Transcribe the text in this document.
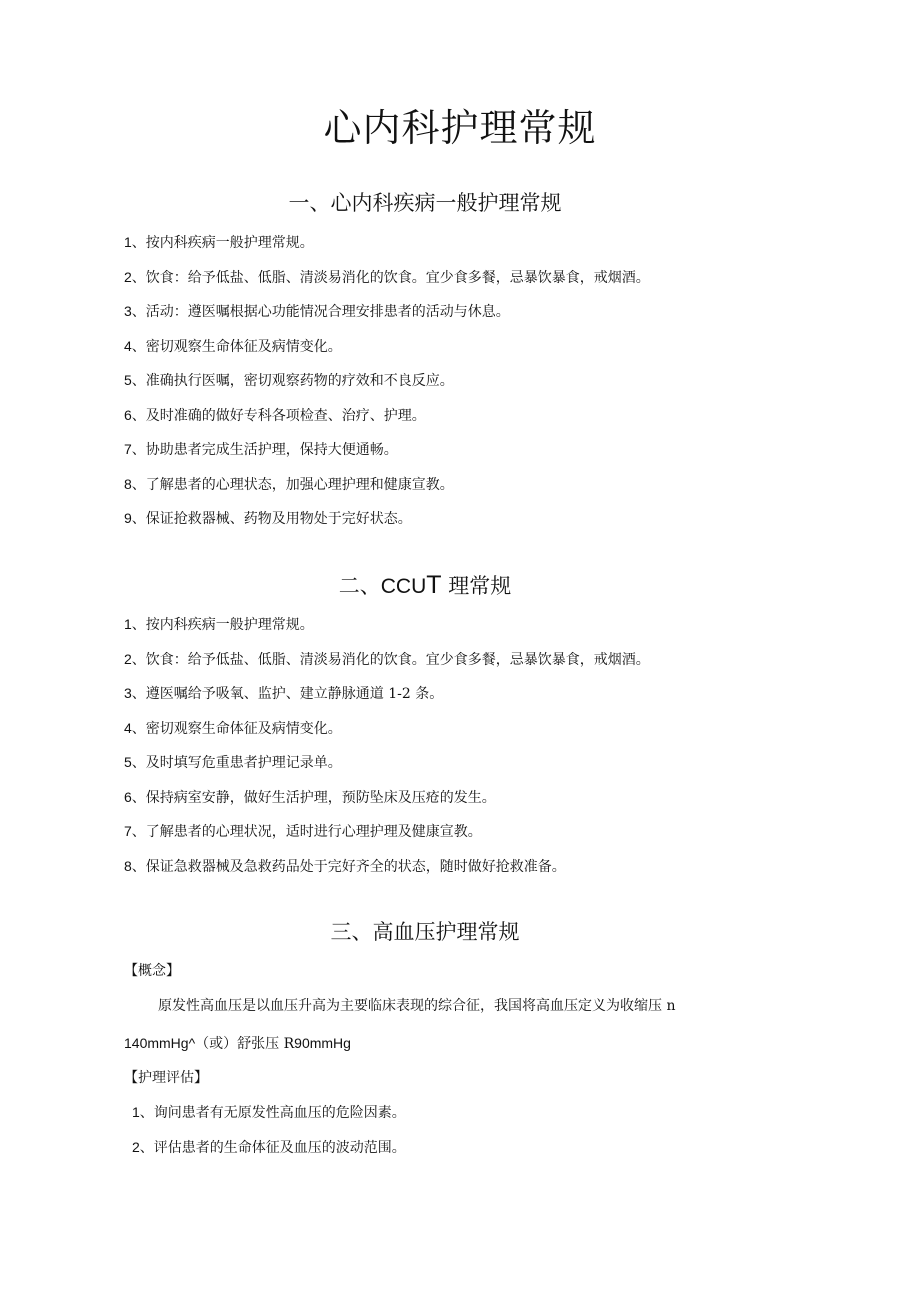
心内科护理常规
一、心内科疾病一般护理常规
1、按内科疾病一般护理常规。
2、饮食：给予低盐、低脂、清淡易消化的饮食。宜少食多餐，忌暴饮暴食，戒烟酒。
3、活动：遵医嘱根据心功能情况合理安排患者的活动与休息。
4、密切观察生命体征及病情变化。
5、准确执行医嘱，密切观察药物的疗效和不良反应。
6、及时准确的做好专科各项检查、治疗、护理。
7、协助患者完成生活护理，保持大便通畅。
8、了解患者的心理状态，加强心理护理和健康宣教。
9、保证抢救器械、药物及用物处于完好状态。
二、CCUT 理常规
1、按内科疾病一般护理常规。
2、饮食：给予低盐、低脂、清淡易消化的饮食。宜少食多餐，忌暴饮暴食，戒烟酒。
3、遵医嘱给予吸氧、监护、建立静脉通道 1-2 条。
4、密切观察生命体征及病情变化。
5、及时填写危重患者护理记录单。
6、保持病室安静，做好生活护理，预防坠床及压疮的发生。
7、了解患者的心理状况，适时进行心理护理及健康宣教。
8、保证急救器械及急救药品处于完好齐全的状态，随时做好抢救准备。
三、高血压护理常规
【概念】
原发性高血压是以血压升高为主要临床表现的综合征，我国将高血压定义为收缩压 n
140mmHg^（或）舒张压 R90mmHg
【护理评估】
1、询问患者有无原发性高血压的危险因素。
2、评估患者的生命体征及血压的波动范围。
